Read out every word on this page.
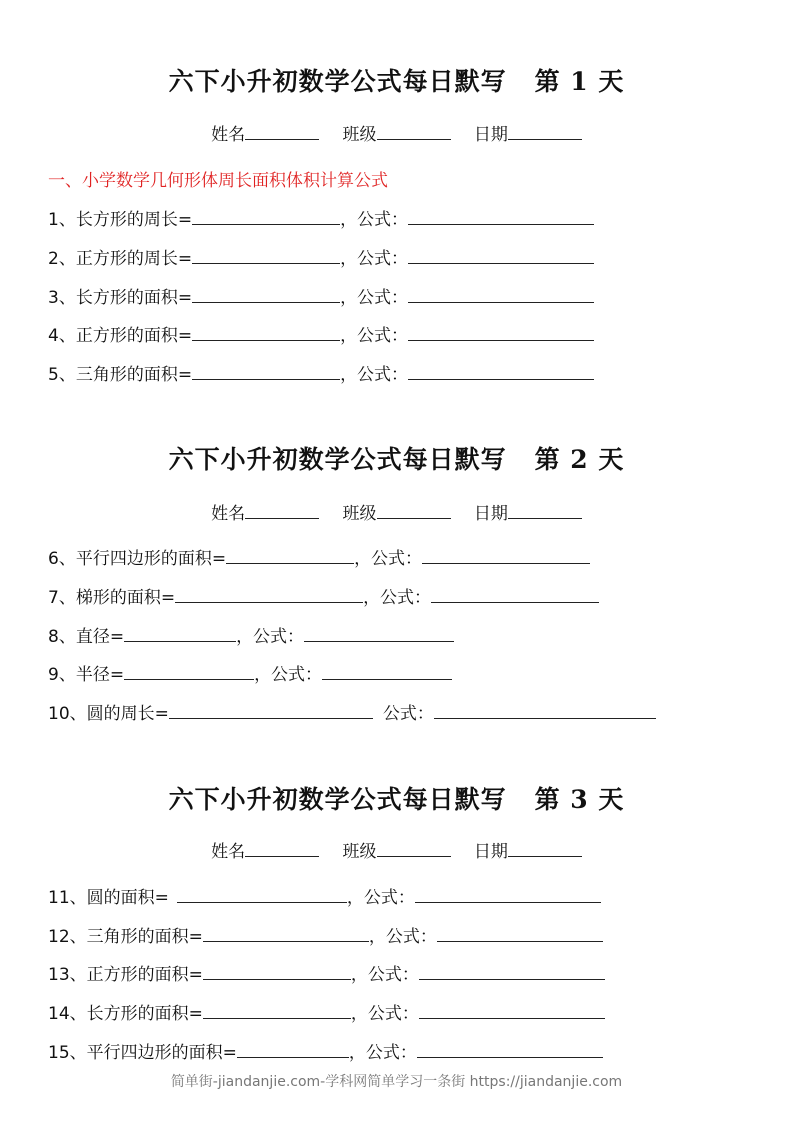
六下小升初数学公式每日默写 第 1 天
姓名	班级	日期
一、小学数学几何形体周长面积体积计算公式
1、长方形的周长=	，公式：
2、正方形的周长=	，公式：
3、长方形的面积=	，公式：
4、正方形的面积=	，公式：
5、三角形的面积=	，公式：
六下小升初数学公式每日默写 第 2 天
姓名	班级	日期
6、平行四边形的面积=	，公式：
7、梯形的面积=	，公式：
8、直径=	，公式：
9、半径=	，公式：
10、圆的周长=	公式：
六下小升初数学公式每日默写 第 3 天
姓名	班级	日期
11、圆的面积=	，公式：
12、三角形的面积=	，公式：
13、正方形的面积=	，公式：
14、长方形的面积=	，公式：
15、平行四边形的面积=	，公式：
简单街-jiandanjie.com-学科网简单学习一条街 https://jiandanjie.com
